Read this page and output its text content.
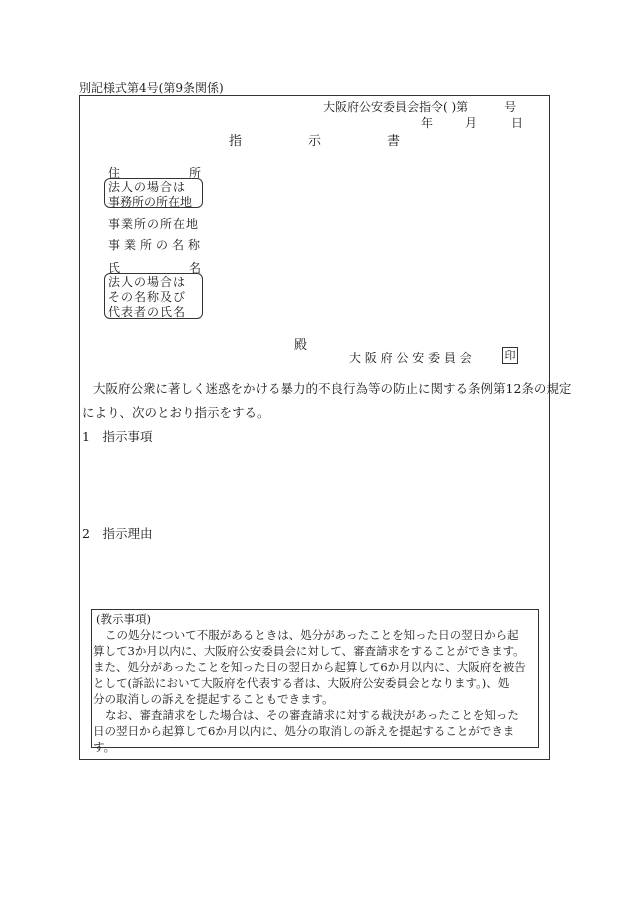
別記様式第4号(第9条関係)
大阪府公安委員会指令( )第　　　号
年	月	日
指	示	書
住	所
法人の場合は
事務所の所在地
事業所の所在地
事業所の名称
氏	名
法人の場合は
その名称及び
代表者の氏名
殿
大 阪 府 公 安 委 員 会	印
大阪府公衆に著しく迷惑をかける暴力的不良行為等の防止に関する条例第12条の規定
により、次のとおり指示をする。
1　指示事項
2　指示理由
(教示事項)
この処分について不服があるときは、処分があったことを知った日の翌日から起
算して3か月以内に、大阪府公安委員会に対して、審査請求をすることができます。
また、処分があったことを知った日の翌日から起算して6か月以内に、大阪府を被告
として(訴訟において大阪府を代表する者は、大阪府公安委員会となります。)、処
分の取消しの訴えを提起することもできます。
なお、審査請求をした場合は、その審査請求に対する裁決があったことを知った
日の翌日から起算して6か月以内に、処分の取消しの訴えを提起することができま
す。
